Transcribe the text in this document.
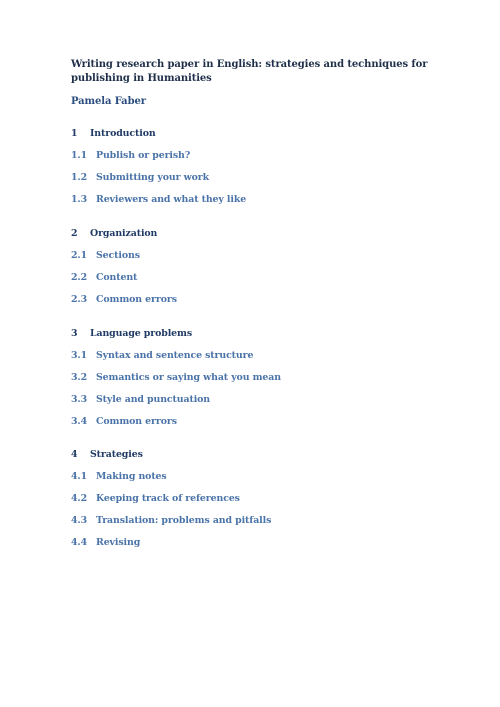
Writing research paper in English: strategies and techniques for publishing in Humanities
Pamela Faber
1 Introduction
1.1 Publish or perish?
1.2 Submitting your work
1.3 Reviewers and what they like
2 Organization
2.1 Sections
2.2 Content
2.3 Common errors
3 Language problems
3.1 Syntax and sentence structure
3.2 Semantics or saying what you mean
3.3 Style and punctuation
3.4 Common errors
4 Strategies
4.1 Making notes
4.2 Keeping track of references
4.3 Translation: problems and pitfalls
4.4 Revising
